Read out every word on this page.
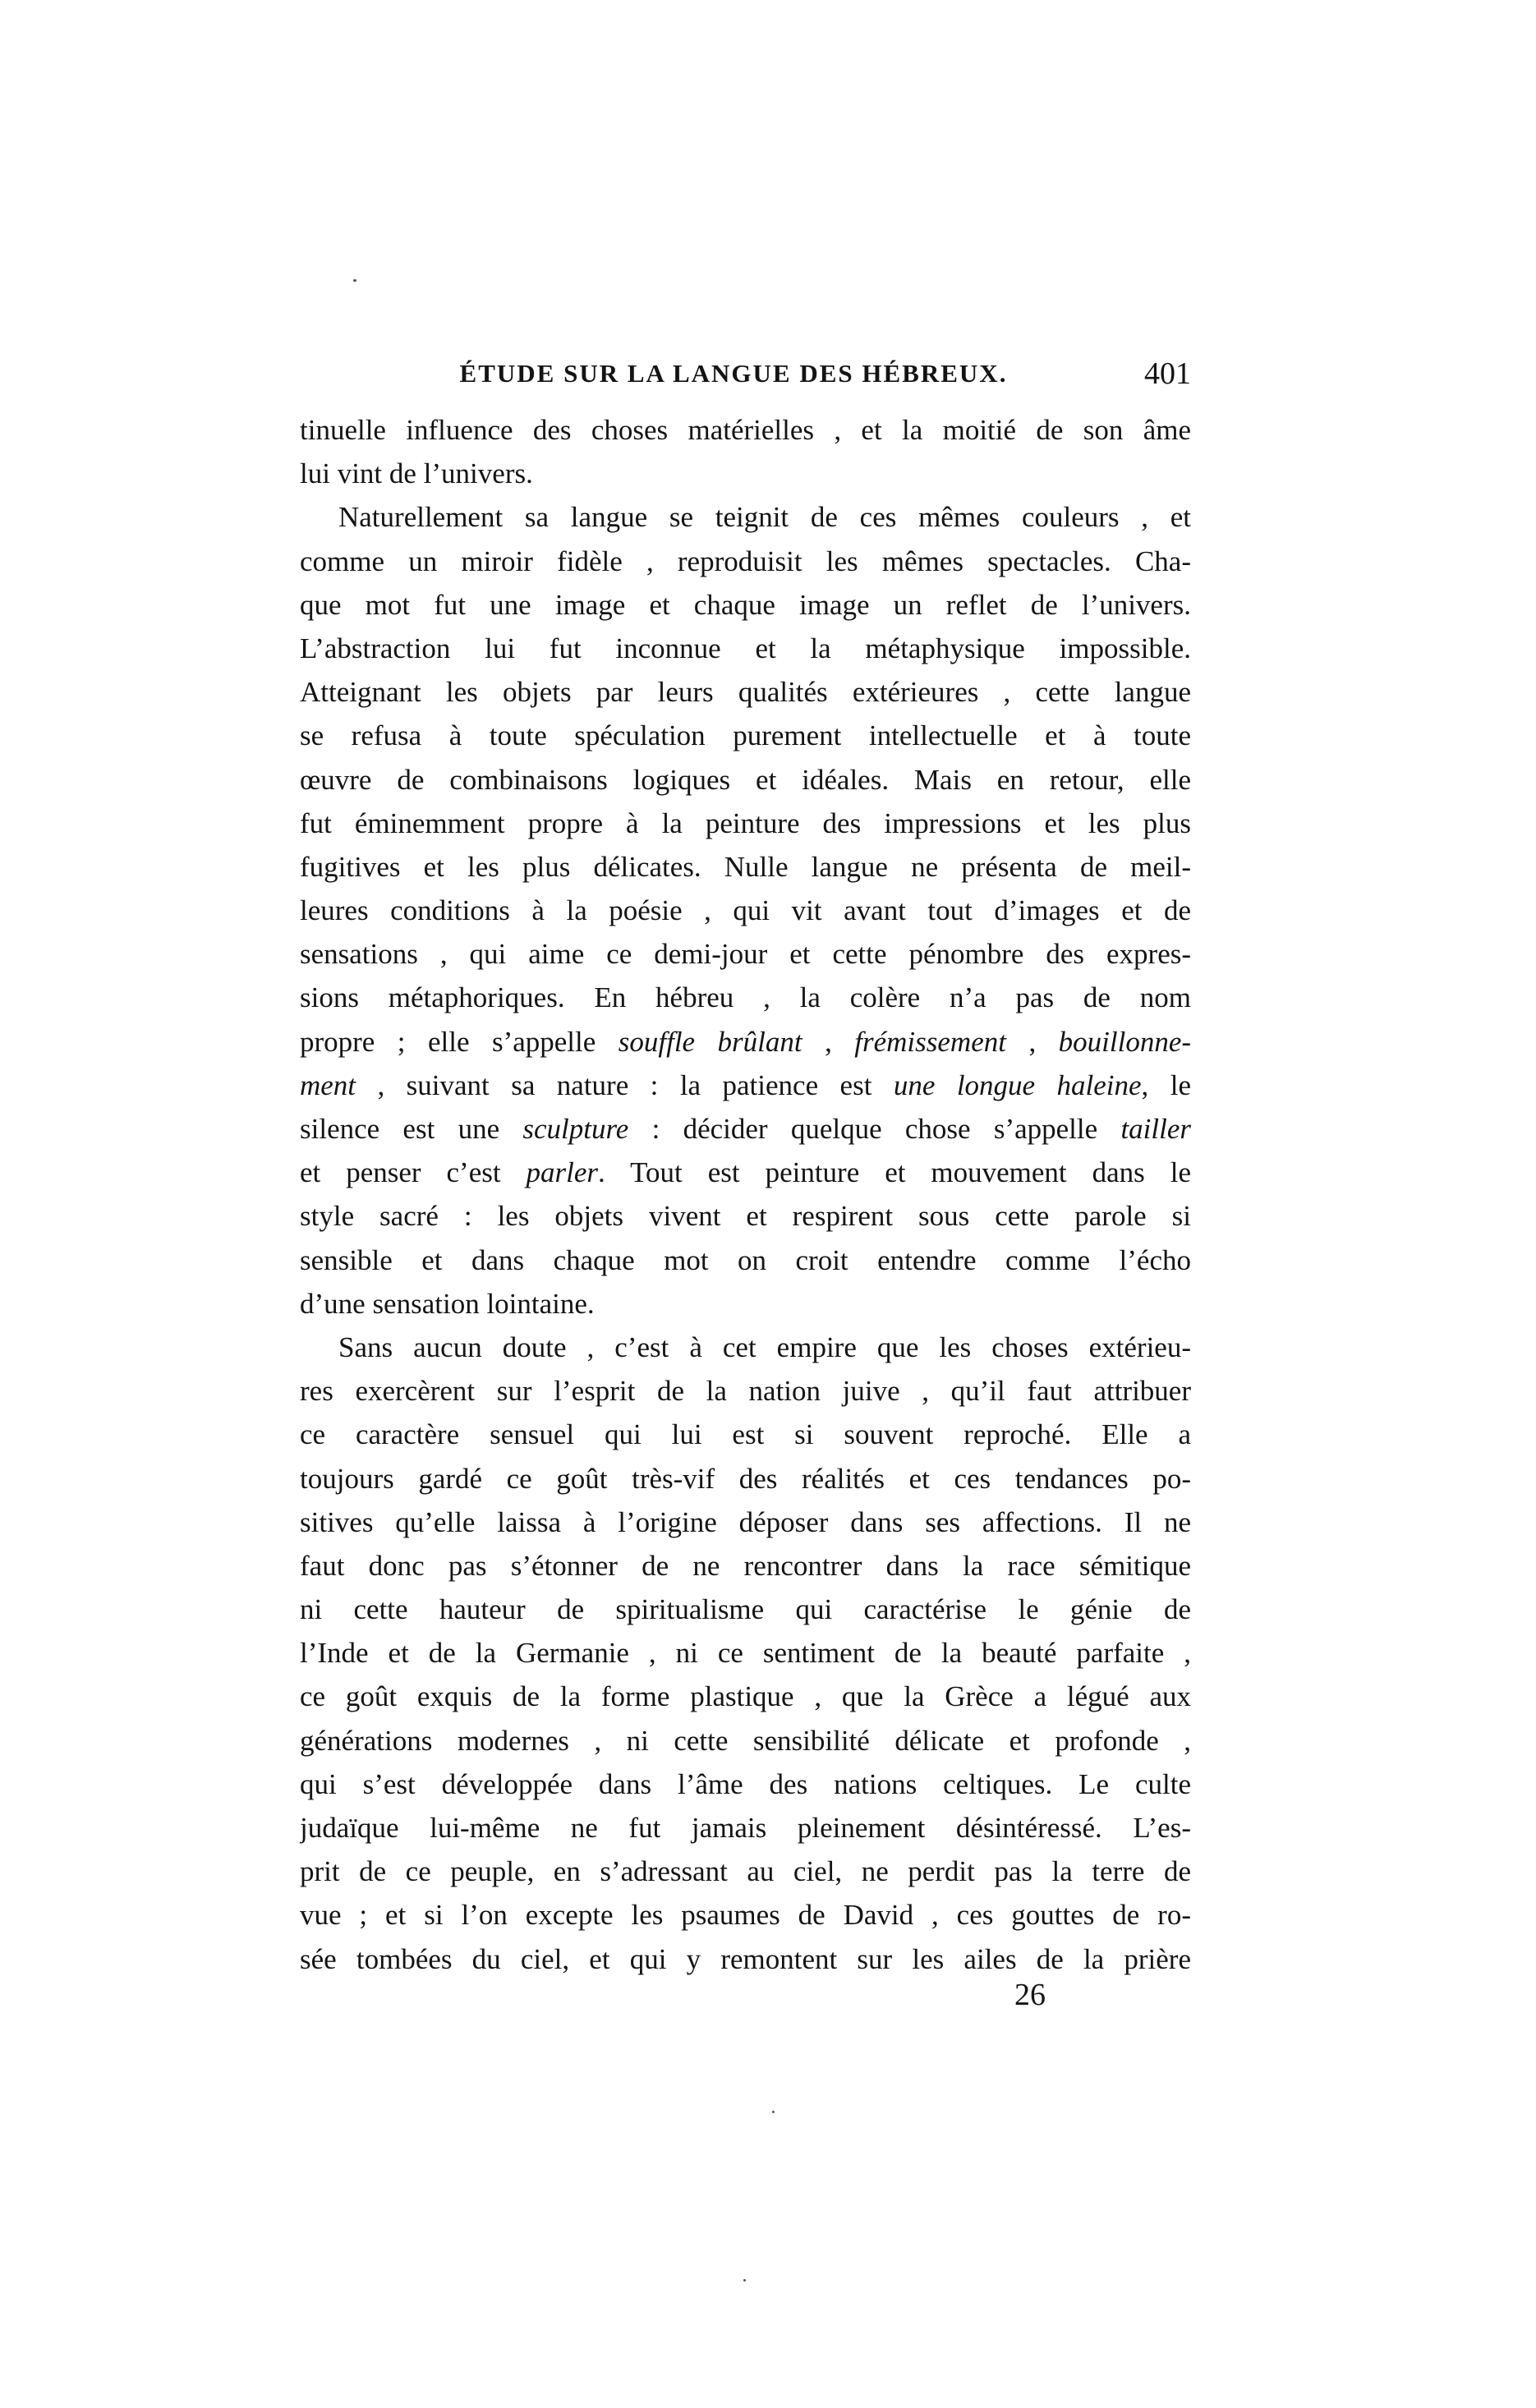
ÉTUDE SUR LA LANGUE DES HÉBREUX.	401
tinuelle influence des choses matérielles , et la moitié de son âme
lui vint de l’univers.
Naturellement sa langue se teignit de ces mêmes couleurs , et
comme un miroir fidèle , reproduisit les mêmes spectacles. Cha-
que mot fut une image et chaque image un reflet de l’univers.
L’abstraction lui fut inconnue et la métaphysique impossible.
Atteignant les objets par leurs qualités extérieures , cette langue
se refusa à toute spéculation purement intellectuelle et à toute
œuvre de combinaisons logiques et idéales. Mais en retour, elle
fut éminemment propre à la peinture des impressions et les plus
fugitives et les plus délicates. Nulle langue ne présenta de meil-
leures conditions à la poésie , qui vit avant tout d’images et de
sensations , qui aime ce demi-jour et cette pénombre des expres-
sions métaphoriques. En hébreu , la colère n’a pas de nom
propre ; elle s’appelle souffle brûlant , frémissement , bouillonne-
ment , suivant sa nature : la patience est une longue haleine, le
silence est une sculpture : décider quelque chose s’appelle tailler
et penser c’est parler. Tout est peinture et mouvement dans le
style sacré : les objets vivent et respirent sous cette parole si
sensible et dans chaque mot on croit entendre comme l’écho
d’une sensation lointaine.
Sans aucun doute , c’est à cet empire que les choses extérieu-
res exercèrent sur l’esprit de la nation juive , qu’il faut attribuer
ce caractère sensuel qui lui est si souvent reproché. Elle a
toujours gardé ce goût très-vif des réalités et ces tendances po-
sitives qu’elle laissa à l’origine déposer dans ses affections. Il ne
faut donc pas s’étonner de ne rencontrer dans la race sémitique
ni cette hauteur de spiritualisme qui caractérise le génie de
l’Inde et de la Germanie , ni ce sentiment de la beauté parfaite ,
ce goût exquis de la forme plastique , que la Grèce a légué aux
générations modernes , ni cette sensibilité délicate et profonde ,
qui s’est développée dans l’âme des nations celtiques. Le culte
judaïque lui-même ne fut jamais pleinement désintéressé. L’es-
prit de ce peuple, en s’adressant au ciel, ne perdit pas la terre de
vue ; et si l’on excepte les psaumes de David , ces gouttes de ro-
sée tombées du ciel, et qui y remontent sur les ailes de la prière
26
